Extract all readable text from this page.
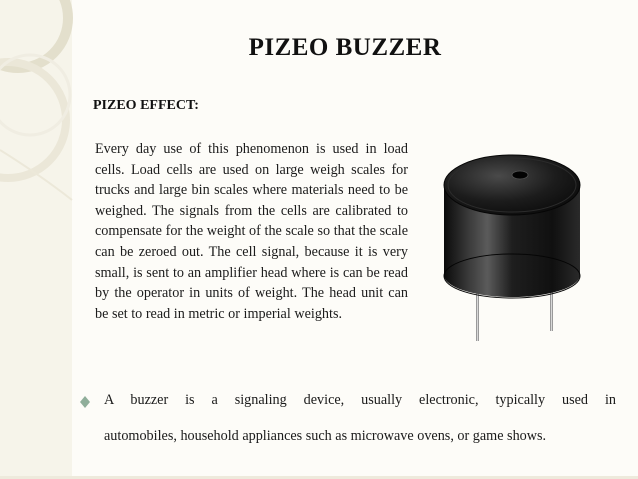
PIZEO BUZZER
PIZEO EFFECT:
Every day use of this phenomenon is used in load cells. Load cells are used on large weigh scales for trucks and large bin scales where materials need to be weighed. The signals from the cells are calibrated to compensate for the weight of the scale so that the scale can be zeroed out. The cell signal, because it is very small, is sent to an amplifier head where is can be read by the operator in units of weight. The head unit can be set to read in metric or imperial weights.
A buzzer is a signaling device, usually electronic, typically used in
automobiles, household appliances such as microwave ovens, or game shows.
